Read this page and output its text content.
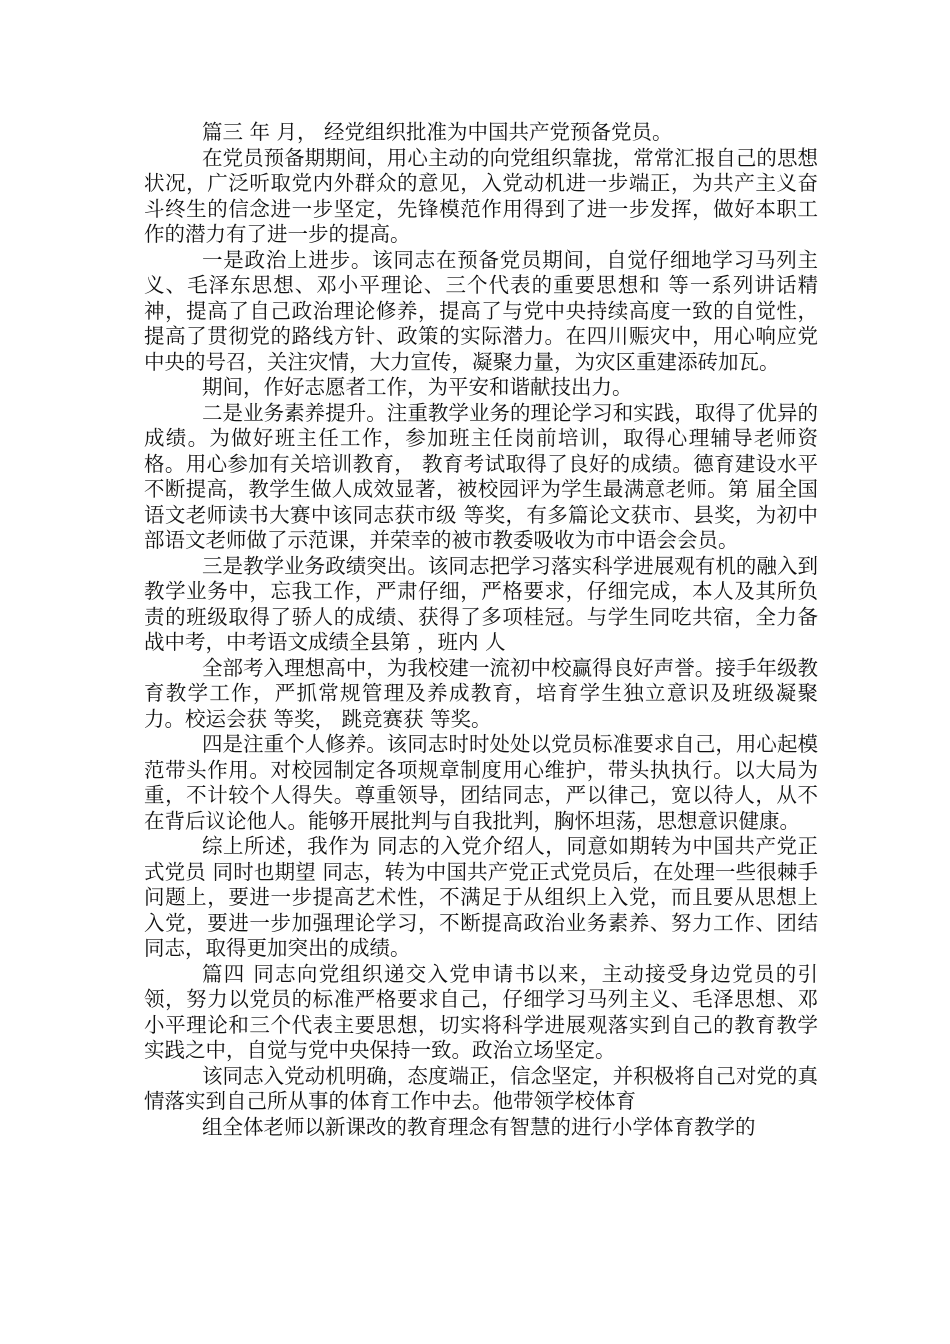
篇三 年 月， 经党组织批准为中国共产党预备党员。

在党员预备期期间，用心主动的向党组织靠拢，常常汇报自己的思想状况，广泛听取党内外群众的意见，入党动机进一步端正，为共产主义奋斗终生的信念进一步坚定，先锋模范作用得到了进一步发挥，做好本职工作的潜力有了进一步的提高。

一是政治上进步。该同志在预备党员期间，自觉仔细地学习马列主义、毛泽东思想、邓小平理论、三个代表的重要思想和 等一系列讲话精神，提高了自己政治理论修养，提高了与党中央持续高度一致的自觉性，提高了贯彻党的路线方针、政策的实际潜力。在四川赈灾中，用心响应党中央的号召，关注灾情，大力宣传，凝聚力量，为灾区重建添砖加瓦。

期间，作好志愿者工作，为平安和谐献技出力。

二是业务素养提升。注重教学业务的理论学习和实践，取得了优异的成绩。为做好班主任工作，参加班主任岗前培训，取得心理辅导老师资格。用心参加有关培训教育， 教育考试取得了良好的成绩。德育建设水平不断提高，教学生做人成效显著，被校园评为学生最满意老师。第 届全国语文老师读书大赛中该同志获市级 等奖，有多篇论文获市、县奖，为初中部语文老师做了示范课，并荣幸的被市教委吸收为市中语会会员。

三是教学业务政绩突出。该同志把学习落实科学进展观有机的融入到教学业务中，忘我工作，严肃仔细，严格要求，仔细完成，本人及其所负责的班级取得了骄人的成绩、获得了多项桂冠。与学生同吃共宿，全力备战中考，中考语文成绩全县第 ，班内 人

全部考入理想高中，为我校建一流初中校赢得良好声誉。接手年级教育教学工作，严抓常规管理及养成教育，培育学生独立意识及班级凝聚力。校运会获 等奖， 跳竞赛获 等奖。

四是注重个人修养。该同志时时处处以党员标准要求自己，用心起模范带头作用。对校园制定各项规章制度用心维护，带头执执行。以大局为重，不计较个人得失。尊重领导，团结同志，严以律己，宽以待人，从不在背后议论他人。能够开展批判与自我批判，胸怀坦荡，思想意识健康。

综上所述，我作为 同志的入党介绍人，同意如期转为中国共产党正式党员 同时也期望 同志，转为中国共产党正式党员后，在处理一些很棘手问题上，要进一步提高艺术性，不满足于从组织上入党，而且要从思想上入党，要进一步加强理论学习，不断提高政治业务素养、努力工作、团结同志，取得更加突出的成绩。

篇四 同志向党组织递交入党申请书以来，主动接受身边党员的引领，努力以党员的标准严格要求自己，仔细学习马列主义、毛泽思想、邓小平理论和三个代表主要思想，切实将科学进展观落实到自己的教育教学实践之中，自觉与党中央保持一致。政治立场坚定。

该同志入党动机明确，态度端正，信念坚定，并积极将自己对党的真情落实到自己所从事的体育工作中去。他带领学校体育

组全体老师以新课改的教育理念有智慧的进行小学体育教学的
